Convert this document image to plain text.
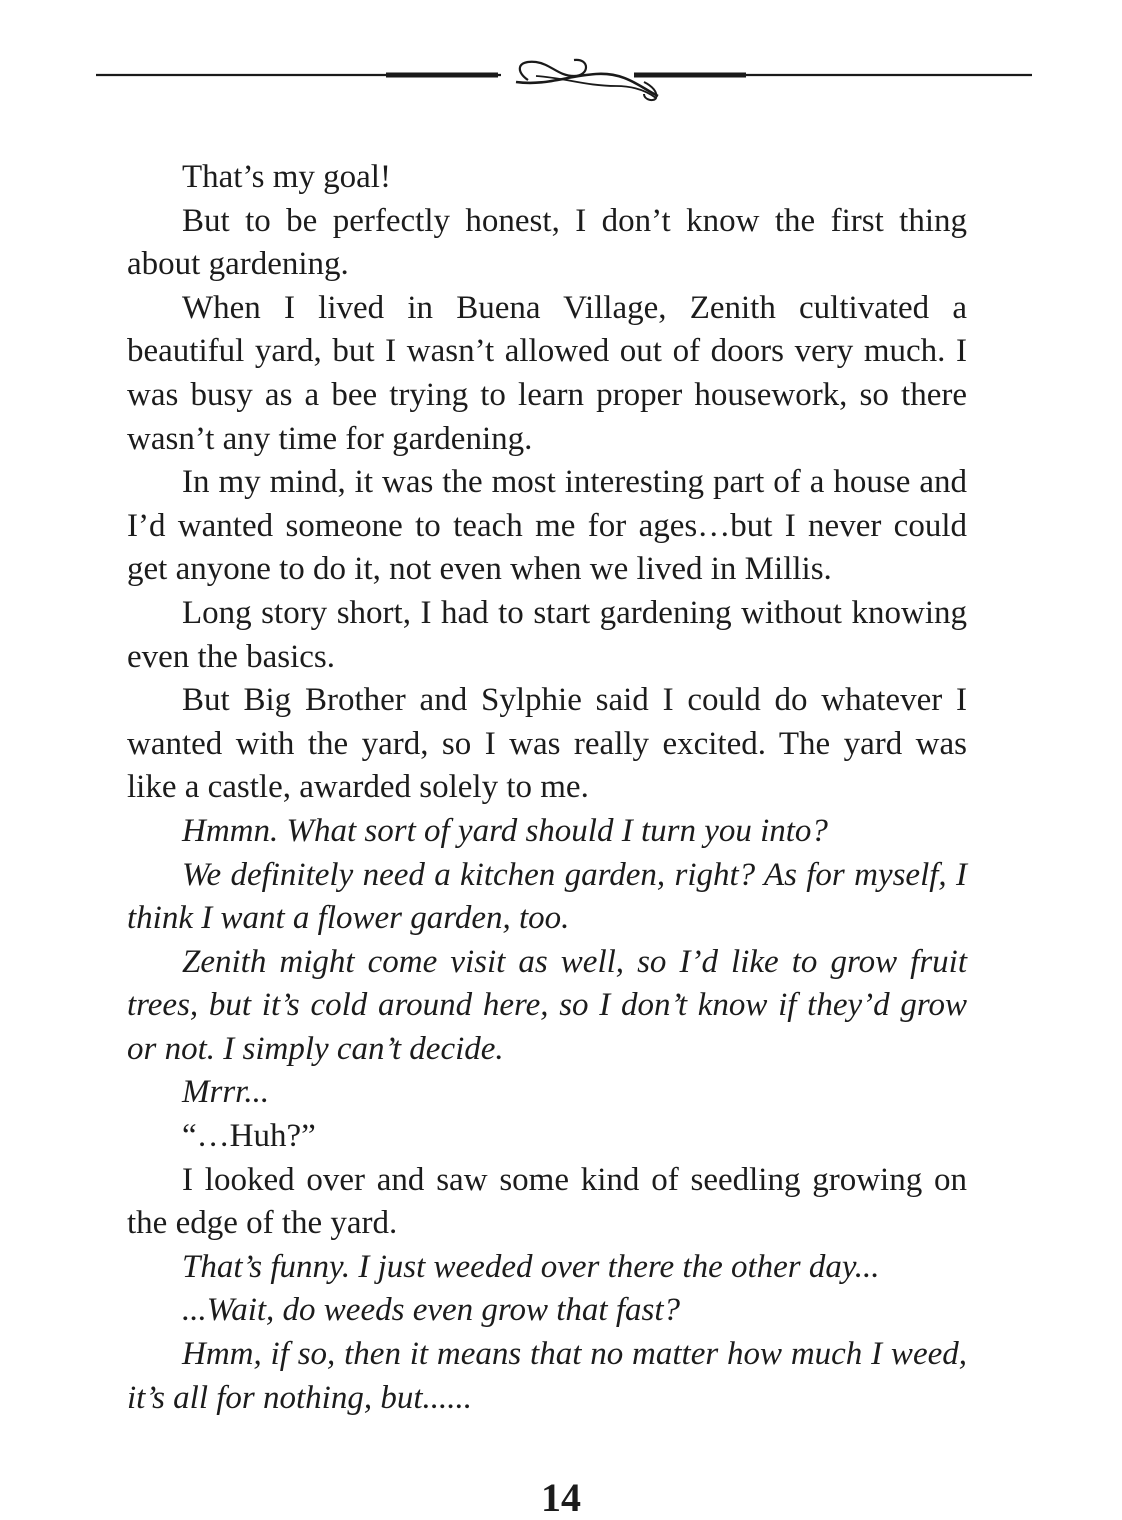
That’s my goal!

But to be perfectly honest, I don’t know the first thing about gardening.

When I lived in Buena Village, Zenith cultivated a beautiful yard, but I wasn’t allowed out of doors very much. I was busy as a bee trying to learn proper housework, so there wasn’t any time for gardening.

In my mind, it was the most interesting part of a house and I’d wanted someone to teach me for ages…but I never could get anyone to do it, not even when we lived in Millis.

Long story short, I had to start gardening without knowing even the basics.

But Big Brother and Sylphie said I could do whatever I wanted with the yard, so I was really excited. The yard was like a castle, awarded solely to me.

Hmmn. What sort of yard should I turn you into?

We definitely need a kitchen garden, right? As for myself, I think I want a flower garden, too.

Zenith might come visit as well, so I’d like to grow fruit trees, but it’s cold around here, so I don’t know if they’d grow or not. I simply can’t decide.

Mrrr...

“…Huh?”

I looked over and saw some kind of seedling growing on the edge of the yard.

That’s funny. I just weeded over there the other day...

...Wait, do weeds even grow that fast?

Hmm, if so, then it means that no matter how much I weed, it’s all for nothing, but......

14
